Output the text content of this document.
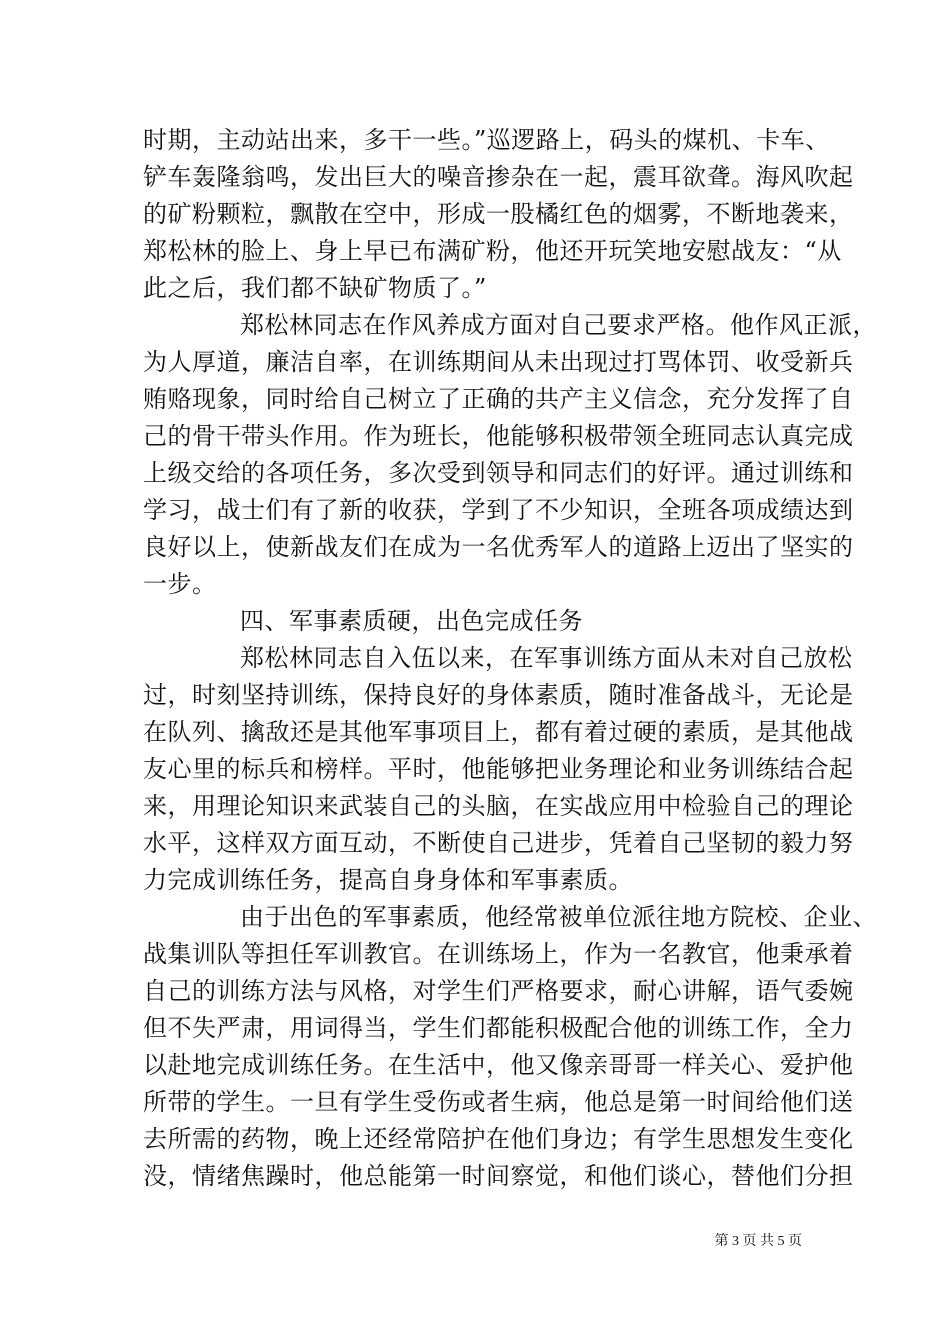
时期，主动站出来，多干一些。”巡逻路上，码头的煤机、卡车、
铲车轰隆翁鸣，发出巨大的噪音掺杂在一起，震耳欲聋。海风吹起
的矿粉颗粒，飘散在空中，形成一股橘红色的烟雾，不断地袭来，
郑松林的脸上、身上早已布满矿粉，他还开玩笑地安慰战友：“从
此之后，我们都不缺矿物质了。”
郑松林同志在作风养成方面对自己要求严格。他作风正派，
为人厚道，廉洁自率，在训练期间从未出现过打骂体罚、收受新兵
贿赂现象，同时给自己树立了正确的共产主义信念，充分发挥了自
己的骨干带头作用。作为班长，他能够积极带领全班同志认真完成
上级交给的各项任务，多次受到领导和同志们的好评。通过训练和
学习，战士们有了新的收获，学到了不少知识，全班各项成绩达到
良好以上，使新战友们在成为一名优秀军人的道路上迈出了坚实的
一步。
四、军事素质硬，出色完成任务
郑松林同志自入伍以来，在军事训练方面从未对自己放松
过，时刻坚持训练，保持良好的身体素质，随时准备战斗，无论是
在队列、擒敌还是其他军事项目上，都有着过硬的素质，是其他战
友心里的标兵和榜样。平时，他能够把业务理论和业务训练结合起
来，用理论知识来武装自己的头脑，在实战应用中检验自己的理论
水平，这样双方面互动，不断使自己进步，凭着自己坚韧的毅力努
力完成训练任务，提高自身身体和军事素质。
由于出色的军事素质，他经常被单位派往地方院校、企业、
战集训队等担任军训教官。在训练场上，作为一名教官，他秉承着
自己的训练方法与风格，对学生们严格要求，耐心讲解，语气委婉
但不失严肃，用词得当，学生们都能积极配合他的训练工作，全力
以赴地完成训练任务。在生活中，他又像亲哥哥一样关心、爱护他
所带的学生。一旦有学生受伤或者生病，他总是第一时间给他们送
去所需的药物，晚上还经常陪护在他们身边；有学生思想发生变化
没，情绪焦躁时，他总能第一时间察觉，和他们谈心，替他们分担
第 3 页 共 5 页
